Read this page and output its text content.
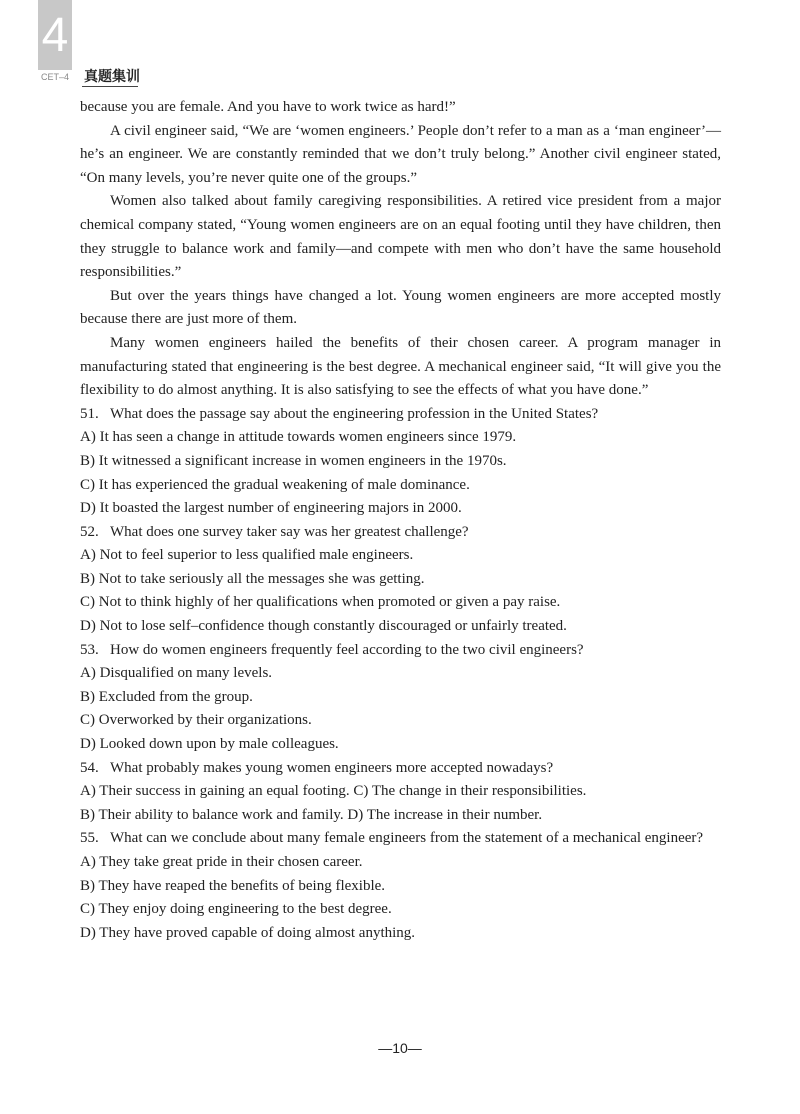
4
CET–4 真题集训

because you are female. And you have to work twice as hard!”

A civil engineer said, “We are ‘women engineers.’ People don’t refer to a man as a ‘man engineer’—he’s an engineer. We are constantly reminded that we don’t truly belong.” Another civil engineer stated, “On many levels, you’re never quite one of the groups.”

Women also talked about family caregiving responsibilities. A retired vice president from a major chemical company stated, “Young women engineers are on an equal footing until they have children, then they struggle to balance work and family—and compete with men who don’t have the same household responsibilities.”

But over the years things have changed a lot. Young women engineers are more accepted mostly because there are just more of them.

Many women engineers hailed the benefits of their chosen career. A program manager in manufacturing stated that engineering is the best degree. A mechanical engineer said, “It will give you the flexibility to do almost anything. It is also satisfying to see the effects of what you have done.”

51. What does the passage say about the engineering profession in the United States?

A) It has seen a change in attitude towards women engineers since 1979.

B) It witnessed a significant increase in women engineers in the 1970s.

C) It has experienced the gradual weakening of male dominance.

D) It boasted the largest number of engineering majors in 2000.

52. What does one survey taker say was her greatest challenge?

A) Not to feel superior to less qualified male engineers.

B) Not to take seriously all the messages she was getting.

C) Not to think highly of her qualifications when promoted or given a pay raise.

D) Not to lose self–confidence though constantly discouraged or unfairly treated.

53. How do women engineers frequently feel according to the two civil engineers?

A) Disqualified on many levels.

B) Excluded from the group.

C) Overworked by their organizations.

D) Looked down upon by male colleagues.

54. What probably makes young women engineers more accepted nowadays?

A) Their success in gaining an equal footing. C) The change in their responsibilities.

B) Their ability to balance work and family. D) The increase in their number.

55. What can we conclude about many female engineers from the statement of a mechanical engineer?

A) They take great pride in their chosen career.

B) They have reaped the benefits of being flexible.

C) They enjoy doing engineering to the best degree.

D) They have proved capable of doing almost anything.

—10—
